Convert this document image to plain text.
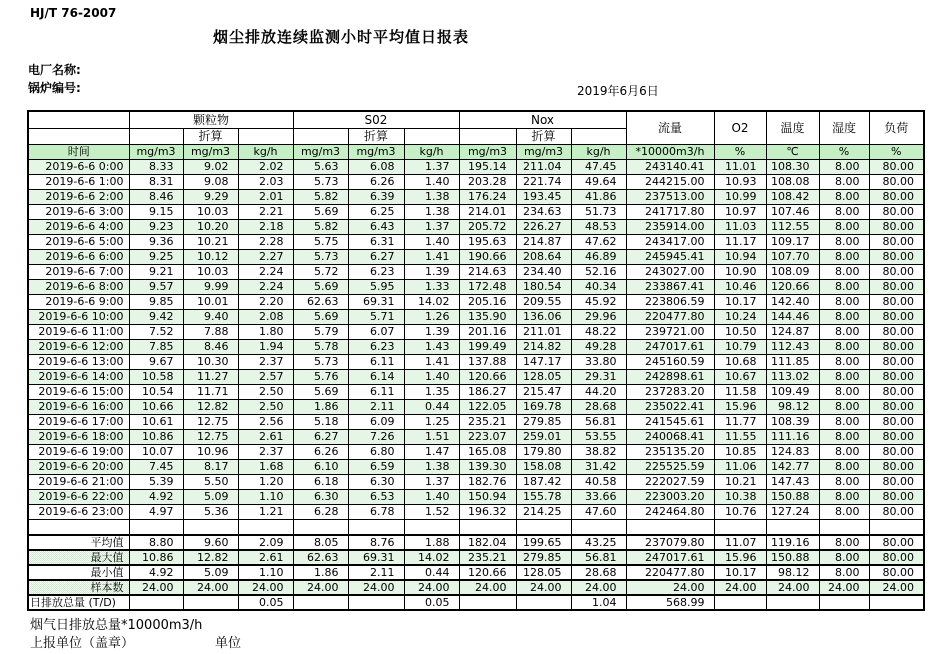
HJ/T 76-2007
烟尘排放连续监测小时平均值日报表
电厂名称:
锅炉编号:	2019年6月6日
	颗粒物			S02			Nox			流量	O2	温度	湿度	负荷
		折算			折算			折算						
时间	mg/m3	mg/m3	kg/h	mg/m3	mg/m3	kg/h	mg/m3	mg/m3	kg/h	*10000m3/h	%	℃	%	%
2019-6-6 0:00	8.33	9.02	2.02	5.63	6.08	1.37	195.14	211.04	47.45	243140.41	11.01	108.30	8.00	80.00
2019-6-6 1:00	8.31	9.08	2.03	5.73	6.26	1.40	203.28	221.74	49.64	244215.00	10.93	108.08	8.00	80.00
2019-6-6 2:00	8.46	9.29	2.01	5.82	6.39	1.38	176.24	193.45	41.86	237513.00	10.99	108.42	8.00	80.00
2019-6-6 3:00	9.15	10.03	2.21	5.69	6.25	1.38	214.01	234.63	51.73	241717.80	10.97	107.46	8.00	80.00
2019-6-6 4:00	9.23	10.20	2.18	5.82	6.43	1.37	205.72	226.27	48.53	235914.00	11.03	112.55	8.00	80.00
2019-6-6 5:00	9.36	10.21	2.28	5.75	6.31	1.40	195.63	214.87	47.62	243417.00	11.17	109.17	8.00	80.00
2019-6-6 6:00	9.25	10.12	2.27	5.73	6.27	1.41	190.66	208.64	46.89	245945.41	10.94	107.70	8.00	80.00
2019-6-6 7:00	9.21	10.03	2.24	5.72	6.23	1.39	214.63	234.40	52.16	243027.00	10.90	108.09	8.00	80.00
2019-6-6 8:00	9.57	9.99	2.24	5.69	5.95	1.33	172.48	180.54	40.34	233867.41	10.46	120.66	8.00	80.00
2019-6-6 9:00	9.85	10.01	2.20	62.63	69.31	14.02	205.16	209.55	45.92	223806.59	10.17	142.40	8.00	80.00
2019-6-6 10:00	9.42	9.40	2.08	5.69	5.71	1.26	135.90	136.06	29.96	220477.80	10.24	144.46	8.00	80.00
2019-6-6 11:00	7.52	7.88	1.80	5.79	6.07	1.39	201.16	211.01	48.22	239721.00	10.50	124.87	8.00	80.00
2019-6-6 12:00	7.85	8.46	1.94	5.78	6.23	1.43	199.49	214.82	49.28	247017.61	10.79	112.43	8.00	80.00
2019-6-6 13:00	9.67	10.30	2.37	5.73	6.11	1.41	137.88	147.17	33.80	245160.59	10.68	111.85	8.00	80.00
2019-6-6 14:00	10.58	11.27	2.57	5.76	6.14	1.40	120.66	128.05	29.31	242898.61	10.67	113.02	8.00	80.00
2019-6-6 15:00	10.54	11.71	2.50	5.69	6.11	1.35	186.27	215.47	44.20	237283.20	11.58	109.49	8.00	80.00
2019-6-6 16:00	10.66	12.82	2.50	1.86	2.11	0.44	122.05	169.78	28.68	235022.41	15.96	98.12	8.00	80.00
2019-6-6 17:00	10.61	12.75	2.56	5.18	6.09	1.25	235.21	279.85	56.81	241545.61	11.77	108.39	8.00	80.00
2019-6-6 18:00	10.86	12.75	2.61	6.27	7.26	1.51	223.07	259.01	53.55	240068.41	11.55	111.16	8.00	80.00
2019-6-6 19:00	10.07	10.96	2.37	6.26	6.80	1.47	165.08	179.80	38.82	235135.20	10.85	124.83	8.00	80.00
2019-6-6 20:00	7.45	8.17	1.68	6.10	6.59	1.38	139.30	158.08	31.42	225525.59	11.06	142.77	8.00	80.00
2019-6-6 21:00	5.39	5.50	1.20	6.18	6.30	1.37	182.76	187.42	40.58	222027.59	10.21	147.43	8.00	80.00
2019-6-6 22:00	4.92	5.09	1.10	6.30	6.53	1.40	150.94	155.78	33.66	223003.20	10.38	150.88	8.00	80.00
2019-6-6 23:00	4.97	5.36	1.21	6.28	6.78	1.52	196.32	214.25	47.60	242464.80	10.76	127.24	8.00	80.00

平均值	8.80	9.60	2.09	8.05	8.76	1.88	182.04	199.65	43.25	237079.80	11.07	119.16	8.00	80.00
最大值	10.86	12.82	2.61	62.63	69.31	14.02	235.21	279.85	56.81	247017.61	15.96	150.88	8.00	80.00
最小值	4.92	5.09	1.10	1.86	2.11	0.44	120.66	128.05	28.68	220477.80	10.17	98.12	8.00	80.00
样本数	24.00	24.00	24.00	24.00	24.00	24.00	24.00	24.00	24.00	24.00	24.00	24.00	24.00	24.00
日排放总量 (T/D)			0.05			0.05			1.04	568.99				
烟气日排放总量*10000m3/h
上报单位（盖章）	单位
